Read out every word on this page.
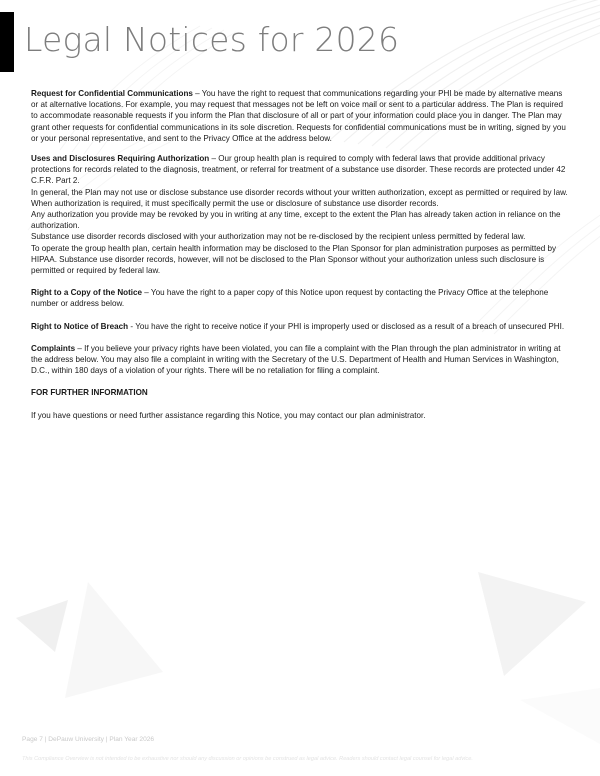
Legal Notices for 2026

Request for Confidential Communications – You have the right to request that communications regarding your PHI be made by alternative means or at alternative locations. For example, you may request that messages not be left on voice mail or sent to a particular address. The Plan is required to accommodate reasonable requests if you inform the Plan that disclosure of all or part of your information could place you in danger. The Plan may grant other requests for confidential communications in its sole discretion. Requests for confidential communications must be in writing, signed by you or your personal representative, and sent to the Privacy Office at the address below.

Uses and Disclosures Requiring Authorization – Our group health plan is required to comply with federal laws that provide additional privacy protections for records related to the diagnosis, treatment, or referral for treatment of a substance use disorder. These records are protected under 42 C.F.R. Part 2.

In general, the Plan may not use or disclose substance use disorder records without your written authorization, except as permitted or required by law. When authorization is required, it must specifically permit the use or disclosure of substance use disorder records.

Any authorization you provide may be revoked by you in writing at any time, except to the extent the Plan has already taken action in reliance on the authorization.

Substance use disorder records disclosed with your authorization may not be re-disclosed by the recipient unless permitted by federal law.

To operate the group health plan, certain health information may be disclosed to the Plan Sponsor for plan administration purposes as permitted by HIPAA. Substance use disorder records, however, will not be disclosed to the Plan Sponsor without your authorization unless such disclosure is permitted or required by federal law.

Right to a Copy of the Notice – You have the right to a paper copy of this Notice upon request by contacting the Privacy Office at the telephone number or address below.

Right to Notice of Breach - You have the right to receive notice if your PHI is improperly used or disclosed as a result of a breach of unsecured PHI.

Complaints – If you believe your privacy rights have been violated, you can file a complaint with the Plan through the plan administrator in writing at the address below. You may also file a complaint in writing with the Secretary of the U.S. Department of Health and Human Services in Washington, D.C., within 180 days of a violation of your rights. There will be no retaliation for filing a complaint.

FOR FURTHER INFORMATION

If you have questions or need further assistance regarding this Notice, you may contact our plan administrator.

Page 7 | DePauw University | Plan Year 2026
This Compliance Overview is not intended to be exhaustive nor should any discussion or opinions be construed as legal advice. Readers should contact legal counsel for legal advice.
